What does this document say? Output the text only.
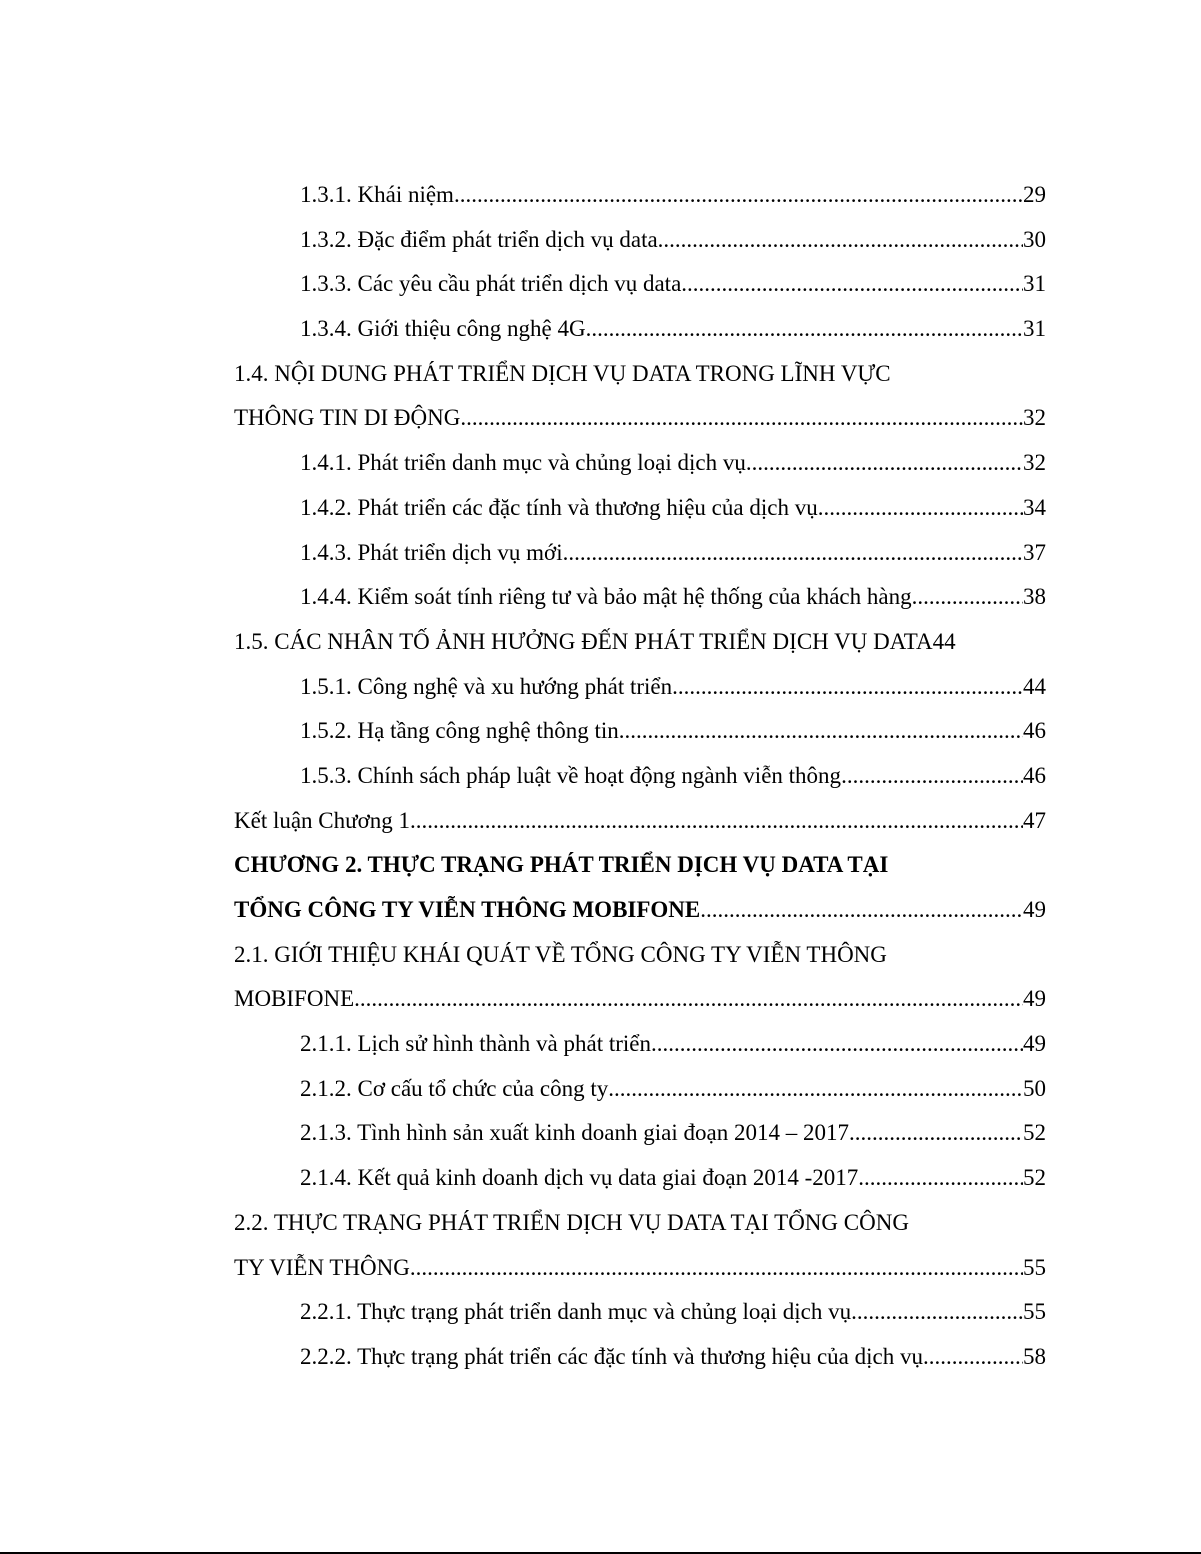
1.3.1. Khái niệm .....	29
1.3.2. Đặc điểm phát triển dịch vụ data .....	30
1.3.3. Các yêu cầu phát triển dịch vụ data .....	31
1.3.4. Giới thiệu công nghệ 4G .....	31
1.4. NỘI DUNG PHÁT TRIỂN DỊCH VỤ DATA TRONG LĨNH VỰC
THÔNG TIN DI ĐỘNG .....	32
1.4.1. Phát triển danh mục và chủng loại dịch vụ .....	32
1.4.2. Phát triển các đặc tính và thương hiệu của dịch vụ .....	34
1.4.3. Phát triển dịch vụ mới .....	37
1.4.4. Kiểm soát tính riêng tư và bảo mật hệ thống của khách hàng .....	38
1.5. CÁC NHÂN TỐ ẢNH HƯỞNG ĐẾN PHÁT TRIỂN DỊCH VỤ DATA 44
1.5.1. Công nghệ và xu hướng phát triển .....	44
1.5.2. Hạ tầng công nghệ thông tin .....	46
1.5.3. Chính sách pháp luật về hoạt động ngành viễn thông .....	46
Kết luận Chương 1 .....	47
CHƯƠNG 2. THỰC TRẠNG PHÁT TRIỂN DỊCH VỤ DATA TẠI
TỔNG CÔNG TY VIỄN THÔNG MOBIFONE .....	49
2.1. GIỚI THIỆU KHÁI QUÁT VỀ TỔNG CÔNG TY VIỄN THÔNG
MOBIFONE .....	49
2.1.1. Lịch sử hình thành và phát triển .....	49
2.1.2. Cơ cấu tổ chức của công ty .....	50
2.1.3. Tình hình sản xuất kinh doanh giai đoạn 2014 – 2017 .....	52
2.1.4. Kết quả kinh doanh dịch vụ data giai đoạn 2014 -2017 .....	52
2.2. THỰC TRẠNG PHÁT TRIỂN DỊCH VỤ DATA TẠI TỔNG CÔNG
TY VIỄN THÔNG .....	55
2.2.1. Thực trạng phát triển danh mục và chủng loại dịch vụ .....	55
2.2.2. Thực trạng phát triển các đặc tính và thương hiệu của dịch vụ .....	58
